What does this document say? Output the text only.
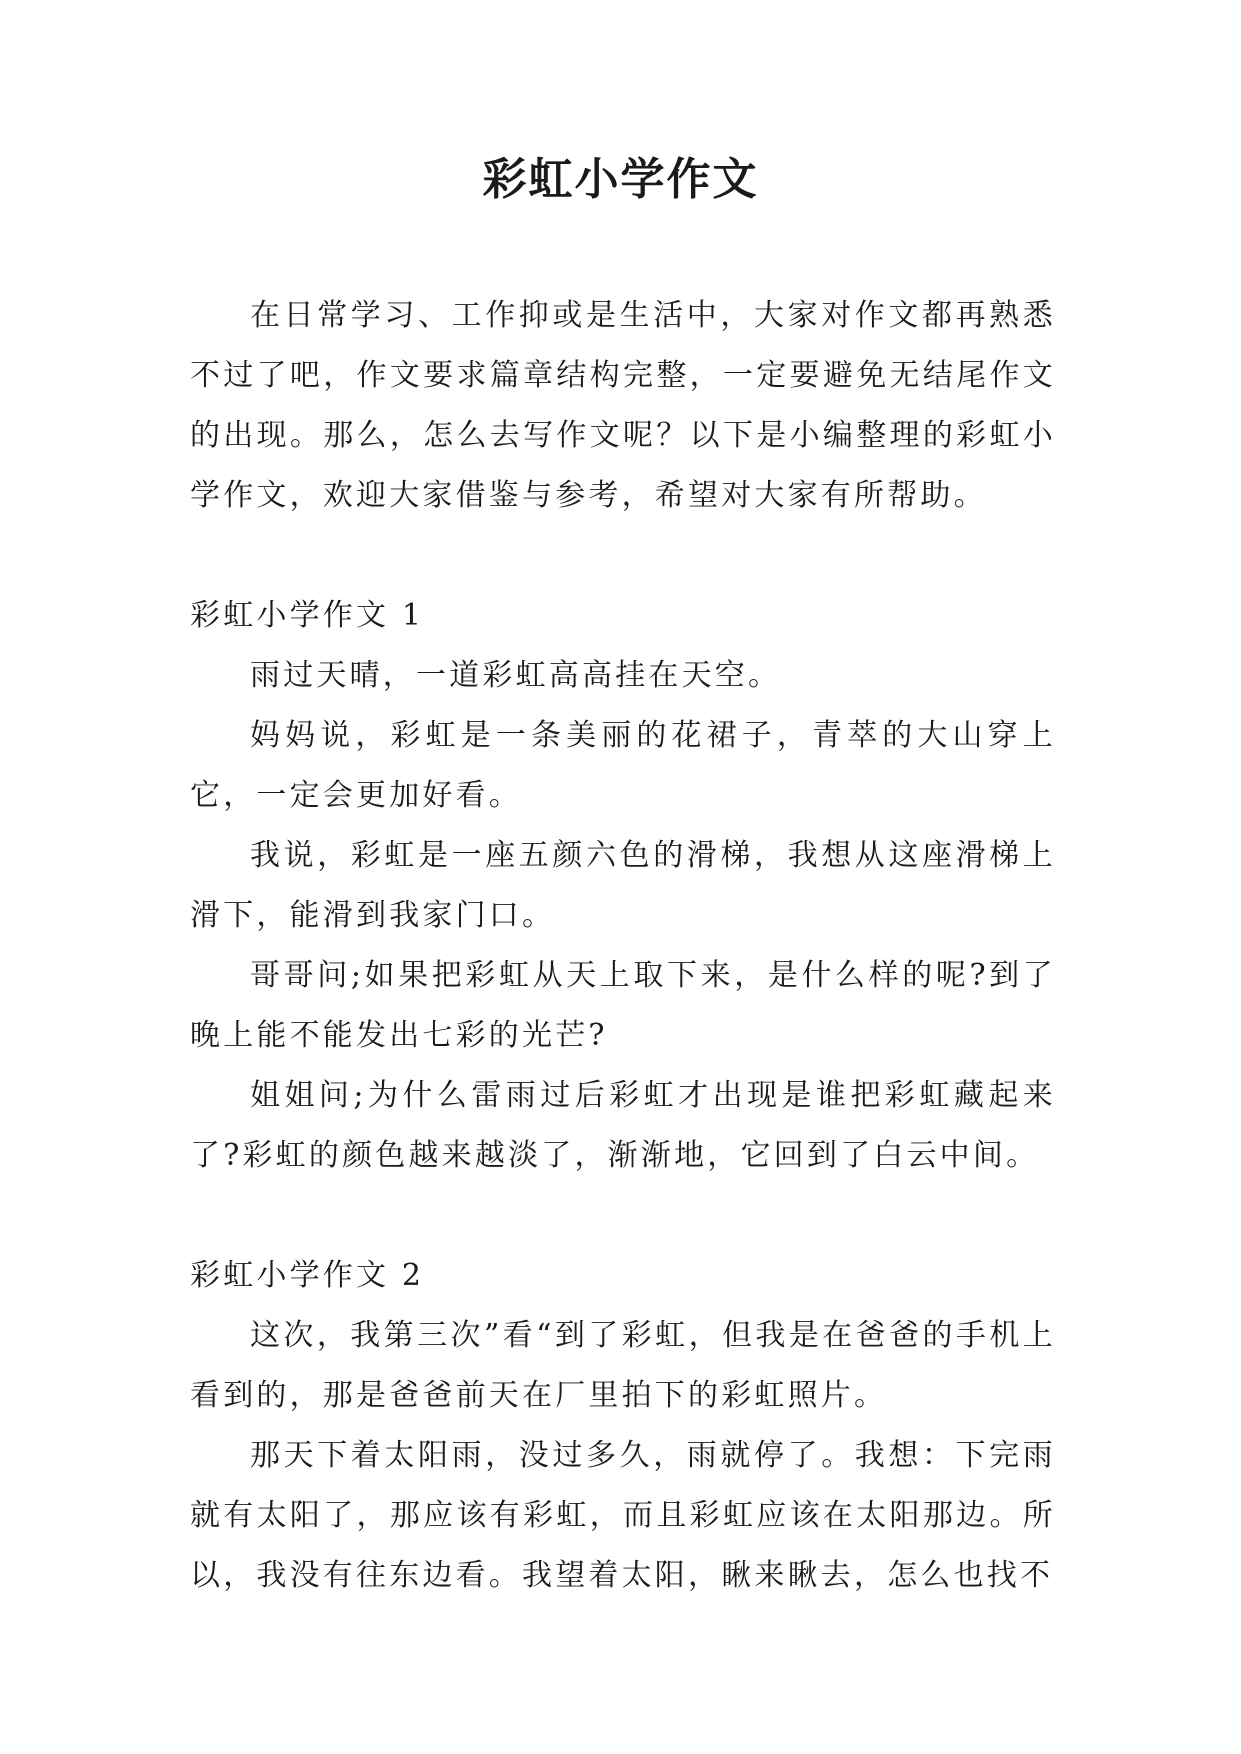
彩虹小学作文

在日常学习、工作抑或是生活中，大家对作文都再熟悉不过了吧，作文要求篇章结构完整，一定要避免无结尾作文的出现。那么，怎么去写作文呢？以下是小编整理的彩虹小学作文，欢迎大家借鉴与参考，希望对大家有所帮助。

彩虹小学作文 1

雨过天晴，一道彩虹高高挂在天空。

妈妈说，彩虹是一条美丽的花裙子，青萃的大山穿上它，一定会更加好看。

我说，彩虹是一座五颜六色的滑梯，我想从这座滑梯上滑下，能滑到我家门口。

哥哥问;如果把彩虹从天上取下来，是什么样的呢?到了晚上能不能发出七彩的光芒?

姐姐问;为什么雷雨过后彩虹才出现是谁把彩虹藏起来了?彩虹的颜色越来越淡了，渐渐地，它回到了白云中间。

彩虹小学作文 2

这次，我第三次”看“到了彩虹，但我是在爸爸的手机上看到的，那是爸爸前天在厂里拍下的彩虹照片。

那天下着太阳雨，没过多久，雨就停了。我想：下完雨就有太阳了，那应该有彩虹，而且彩虹应该在太阳那边。所以，我没有往东边看。我望着太阳，瞅来瞅去，怎么也找不
